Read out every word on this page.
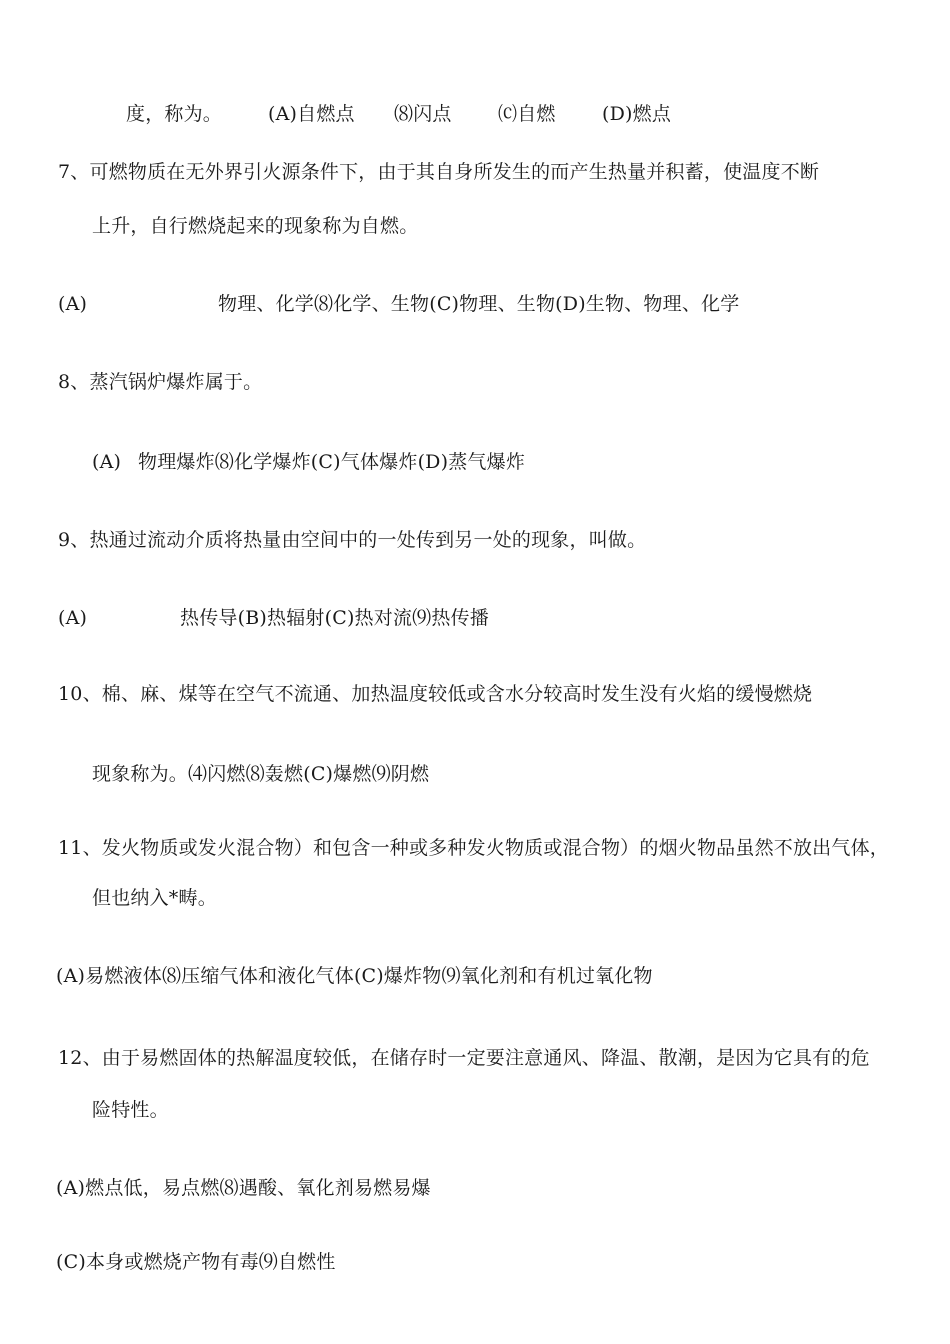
度，称为。 (A)自燃点 ⑻闪点 ⒞自燃 (D)燃点
7、可燃物质在无外界引火源条件下，由于其自身所发生的而产生热量并积蓄，使温度不断
上升，自行燃烧起来的现象称为自燃。
(A)	物理、化学⑻化学、生物(C)物理、生物(D)生物、物理、化学
8、蒸汽锅炉爆炸属于。
(A) 物理爆炸⑻化学爆炸(C)气体爆炸(D)蒸气爆炸
9、热通过流动介质将热量由空间中的一处传到另一处的现象，叫做。
(A)	热传导(B)热辐射(C)热对流⑼热传播
10、棉、麻、煤等在空气不流通、加热温度较低或含水分较高时发生没有火焰的缓慢燃烧
现象称为。⑷闪燃⑻轰燃(C)爆燃⑼阴燃
11、发火物质或发火混合物）和包含一种或多种发火物质或混合物）的烟火物品虽然不放出气体，
但也纳入*畴。
(A)易燃液体⑻压缩气体和液化气体(C)爆炸物⑼氧化剂和有机过氧化物
12、由于易燃固体的热解温度较低，在储存时一定要注意通风、降温、散潮，是因为它具有的危
险特性。
(A)燃点低，易点燃⑻遇酸、氧化剂易燃易爆
(C)本身或燃烧产物有毒⑼自燃性
